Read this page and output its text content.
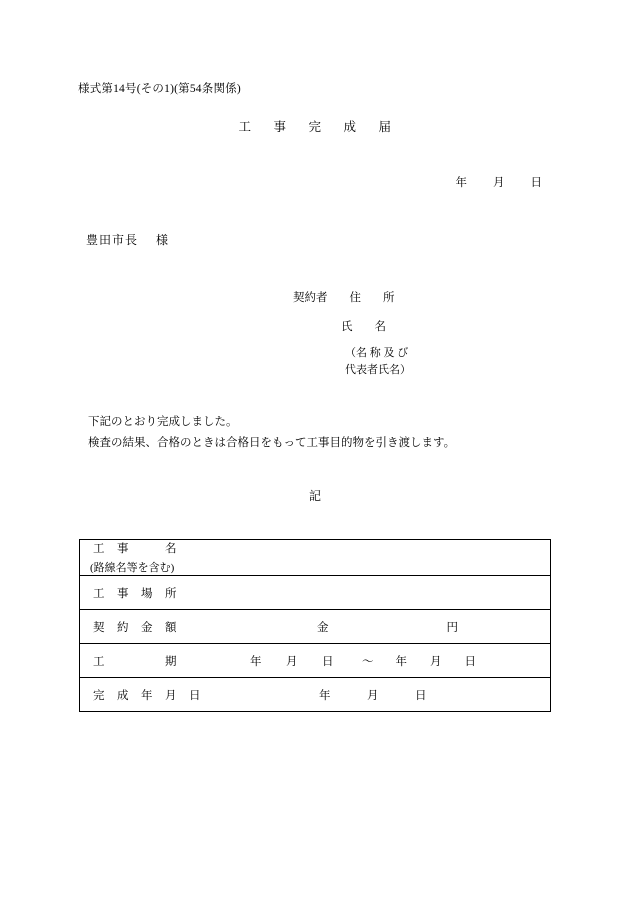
様式第14号(その1)(第54条関係)
工 事 完 成 届
年 月 日
豊田市長 様
契約者 住 所
氏 名
（名 称 及 び
代表者氏名）
下記のとおり完成しました。
検査の結果、合格のときは合格日をもって工事目的物を引き渡します。
記
工　事　　　名
(路線名等を含む)

工　事　場　所

契　約　金　額	金	円

工　　　　　期	年　　月　　日 〜 年　　月　　日

完　成　年　月　日	年　　　月　　　日
